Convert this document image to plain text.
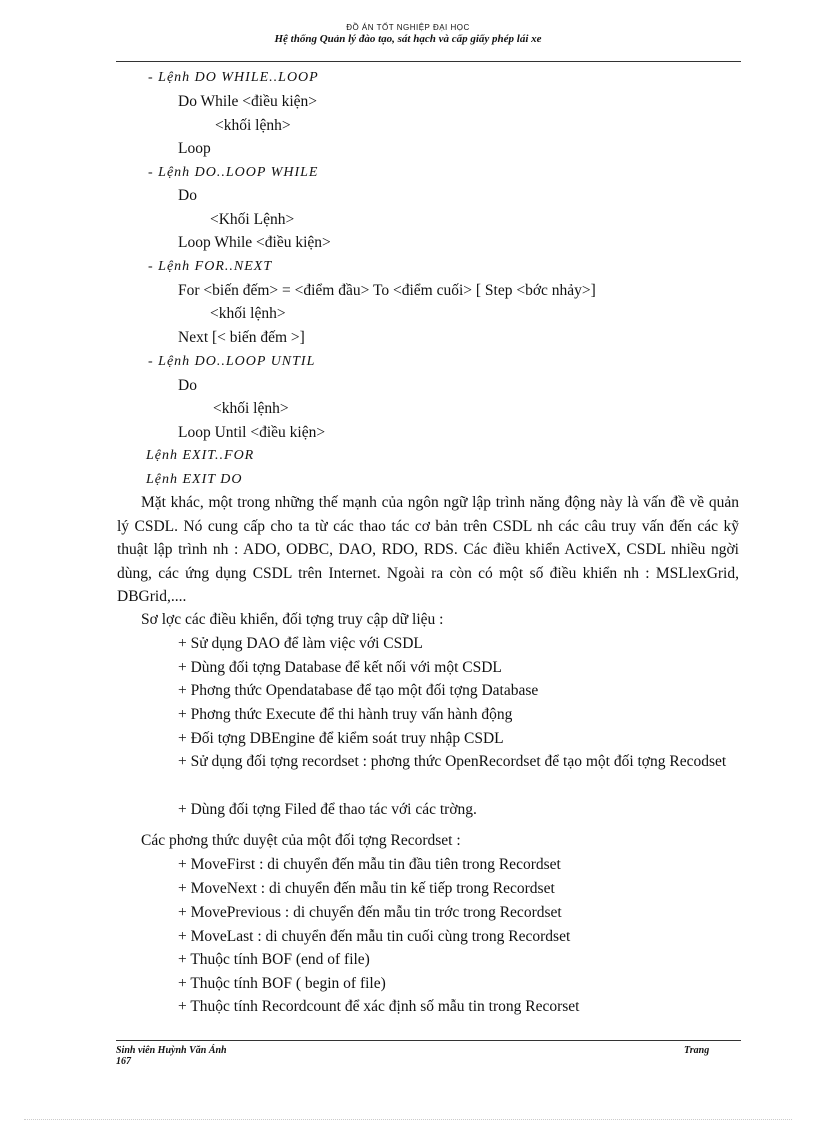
ĐỒ ÁN TỐT NGHIỆP ĐẠI HỌC
Hệ thống Quản lý đào tạo, sát hạch và cấp giấy phép lái xe
- Lệnh DO WHILE..LOOP
Do While <điều kiện>
<khối lệnh>
Loop
- Lệnh DO..LOOP WHILE
Do
<Khối Lệnh>
Loop While <điều kiện>
- Lệnh FOR..NEXT
For <biến đếm> = <điểm đầu> To <điểm cuối> [ Step <bớc nhảy>]
<khối lệnh>
Next [< biến đếm >]
- Lệnh DO..LOOP UNTIL
Do
<khối lệnh>
Loop Until <điều kiện>
Lệnh EXIT..FOR
Lệnh EXIT DO
Mặt khác, một trong những thế mạnh của ngôn ngữ lập trình năng động này là vấn đề về quản lý CSDL. Nó cung cấp cho ta từ các thao tác cơ bản trên CSDL nh các câu truy vấn đến các kỹ thuật lập trình nh : ADO, ODBC, DAO, RDO, RDS. Các điều khiển ActiveX, CSDL nhiều ngời dùng, các ứng dụng CSDL trên Internet. Ngoài ra còn có một số điều khiển nh : MSLlexGrid, DBGrid,....
Sơ lợc các điều khiển, đối tợng truy cập dữ liệu :
+ Sử dụng DAO để làm việc với CSDL
+ Dùng đối tợng Database để kết nối với một CSDL
+ Phơng thức Opendatabase để tạo một đối tợng Database
+ Phơng thức Execute để thi hành truy vấn hành động
+ Đối tợng DBEngine để kiểm soát truy nhập CSDL
+ Sử dụng đối tợng recordset : phơng thức OpenRecordset để tạo một đối tợng Recodset
+ Dùng đối tợng Filed để thao tác với các trờng.
Các phơng thức duyệt của một đối tợng Recordset :
+ MoveFirst : di chuyển đến mẫu tin đầu tiên trong Recordset
+ MoveNext : di chuyển đến mẫu tin kế tiếp trong Recordset
+ MovePrevious : di chuyển đến mẫu tin trớc trong Recordset
+ MoveLast : di chuyển đến mẫu tin cuối cùng trong Recordset
+ Thuộc tính BOF (end of file)
+ Thuộc tính BOF ( begin of file)
+ Thuộc tính Recordcount để xác định số mẫu tin trong Recorset
Sinh viên Huỳnh Văn Ánh
167
Trang
